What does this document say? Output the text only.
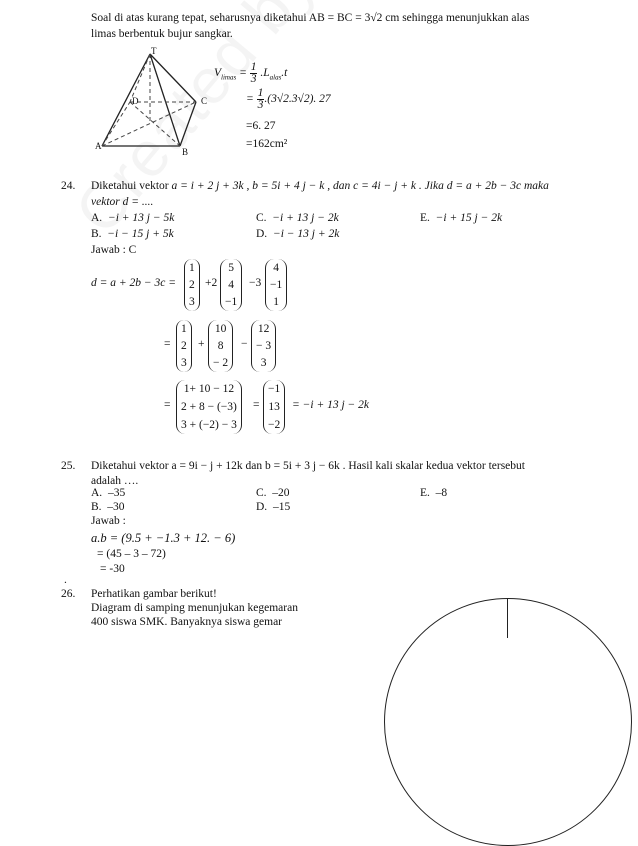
Soal di atas kurang tepat, seharusnya diketahui AB = BC = 3√2 cm sehingga menunjukkan alas
limas berbentuk bujur sangkar.
T
D	C
A
B
$V_{limas} = \frac{1}{3} .L_{alas}.t$
= $\frac{1}{3} .(3√2.3√2)$. 27
=6. 27
=162cm²
24. Diketahui vektor a = i + 2 j + 3k , b = 5i + 4 j − k , dan c = 4i − j + k . Jika d = a + 2b − 3c maka
vektor d = ....
A. −i + 13 j − 5k
B. −i − 15 j + 5k
C. −i + 13 j − 2k
D. −i − 13 j + 2k
E. −i + 15 j − 2k
Jawab : C
d = a + 2b − 3c =
1
2
3
+2
5
4
−1
−3
4
−1
1
=
1
2
3
+
10
8
− 2
−
12
− 3
3
=
1+ 10 − 12
2 + 8 − (−3)
3 + (−2) − 3
=
−1
13
−2
= −i + 13 j − 2k
25. Diketahui vektor a = 9i − j + 12k dan b = 5i + 3 j − 6k . Hasil kali skalar kedua vektor tersebut
adalah ….
A. –35
B. –30
C. –20
D. –15
E. –8
Jawab :
a.b = (9.5 + −1.3 + 12. − 6)
= (45 – 3 – 72)
= -30
.
26. Perhatikan gambar berikut!
Diagram di samping menunjukan kegemaran
400 siswa SMK. Banyaknya siswa gemar
